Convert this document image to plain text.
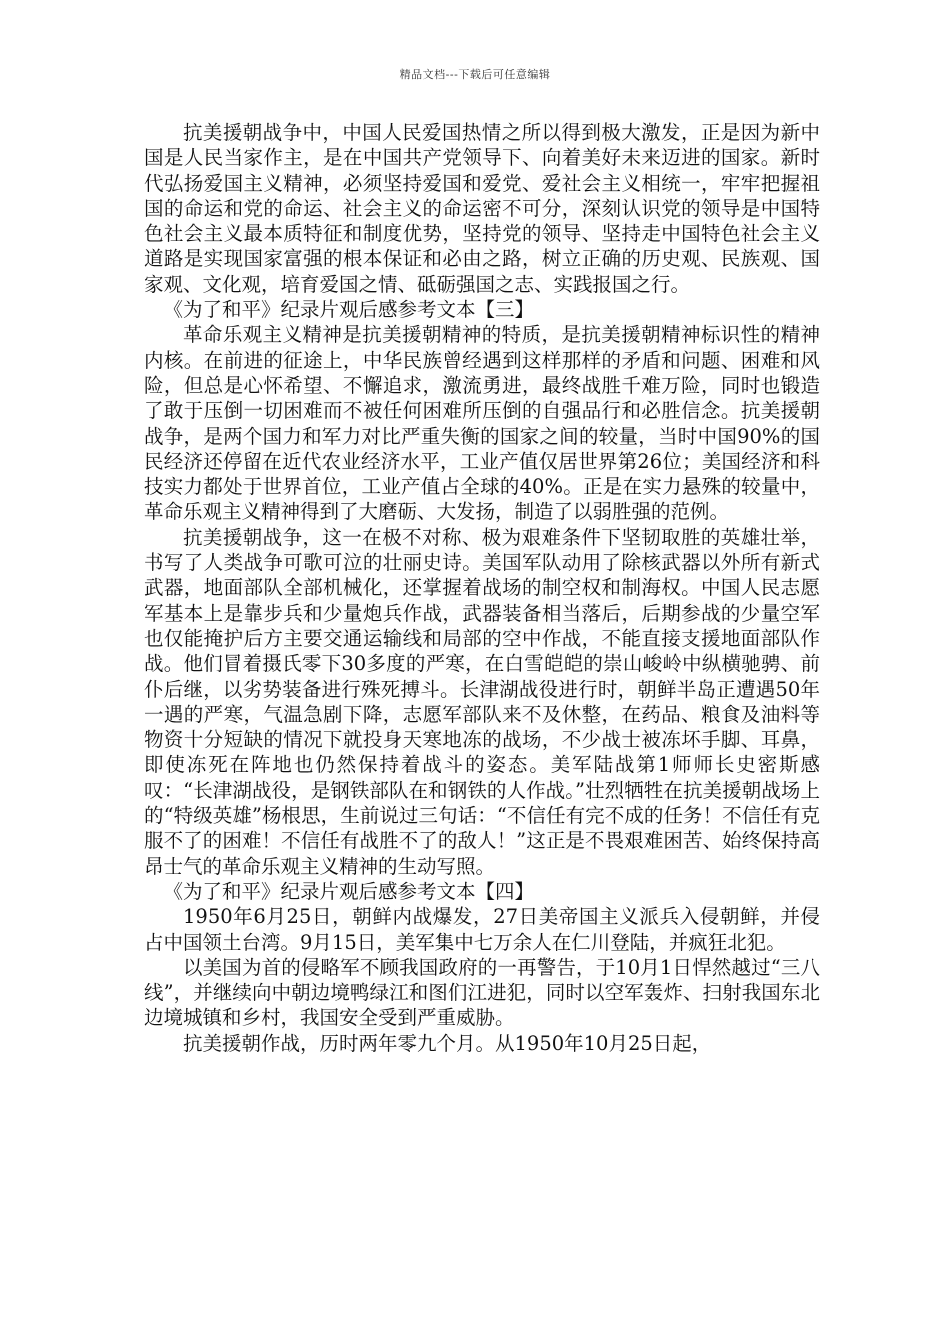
精品文档---下载后可任意编辑

抗美援朝战争中，中国人民爱国热情之所以得到极大激发，正是因为新中国是人民当家作主，是在中国共产党领导下、向着美好未来迈进的国家。新时代弘扬爱国主义精神，必须坚持爱国和爱党、爱社会主义相统一，牢牢把握祖国的命运和党的命运、社会主义的命运密不可分，深刻认识党的领导是中国特色社会主义最本质特征和制度优势，坚持党的领导、坚持走中国特色社会主义道路是实现国家富强的根本保证和必由之路，树立正确的历史观、民族观、国家观、文化观，培育爱国之情、砥砺强国之志、实践报国之行。

《为了和平》纪录片观后感参考文本【三】

革命乐观主义精神是抗美援朝精神的特质，是抗美援朝精神标识性的精神内核。在前进的征途上，中华民族曾经遇到这样那样的矛盾和问题、困难和风险，但总是心怀希望、不懈追求，激流勇进，最终战胜千难万险，同时也锻造了敢于压倒一切困难而不被任何困难所压倒的自强品行和必胜信念。抗美援朝战争，是两个国力和军力对比严重失衡的国家之间的较量，当时中国90%的国民经济还停留在近代农业经济水平，工业产值仅居世界第26位；美国经济和科技实力都处于世界首位，工业产值占全球的40%。正是在实力悬殊的较量中，革命乐观主义精神得到了大磨砺、大发扬，制造了以弱胜强的范例。

抗美援朝战争，这一在极不对称、极为艰难条件下坚韧取胜的英雄壮举，书写了人类战争可歌可泣的壮丽史诗。美国军队动用了除核武器以外所有新式武器，地面部队全部机械化，还掌握着战场的制空权和制海权。中国人民志愿军基本上是靠步兵和少量炮兵作战，武器装备相当落后，后期参战的少量空军也仅能掩护后方主要交通运输线和局部的空中作战，不能直接支援地面部队作战。他们冒着摄氏零下30多度的严寒，在白雪皑皑的崇山峻岭中纵横驰骋、前仆后继，以劣势装备进行殊死搏斗。长津湖战役进行时，朝鲜半岛正遭遇50年一遇的严寒，气温急剧下降，志愿军部队来不及休整，在药品、粮食及油料等物资十分短缺的情况下就投身天寒地冻的战场，不少战士被冻坏手脚、耳鼻，即使冻死在阵地也仍然保持着战斗的姿态。美军陆战第1师师长史密斯感叹：“长津湖战役，是钢铁部队在和钢铁的人作战。”壮烈牺牲在抗美援朝战场上的“特级英雄”杨根思，生前说过三句话：“不信任有完不成的任务！不信任有克服不了的困难！不信任有战胜不了的敌人！”这正是不畏艰难困苦、始终保持高昂士气的革命乐观主义精神的生动写照。

《为了和平》纪录片观后感参考文本【四】

1950年6月25日，朝鲜内战爆发，27日美帝国主义派兵入侵朝鲜，并侵占中国领土台湾。9月15日，美军集中七万余人在仁川登陆，并疯狂北犯。

以美国为首的侵略军不顾我国政府的一再警告，于10月1日悍然越过“三八线”，并继续向中朝边境鸭绿江和图们江进犯，同时以空军轰炸、扫射我国东北边境城镇和乡村，我国安全受到严重威胁。

抗美援朝作战，历时两年零九个月。从1950年10月25日起，
